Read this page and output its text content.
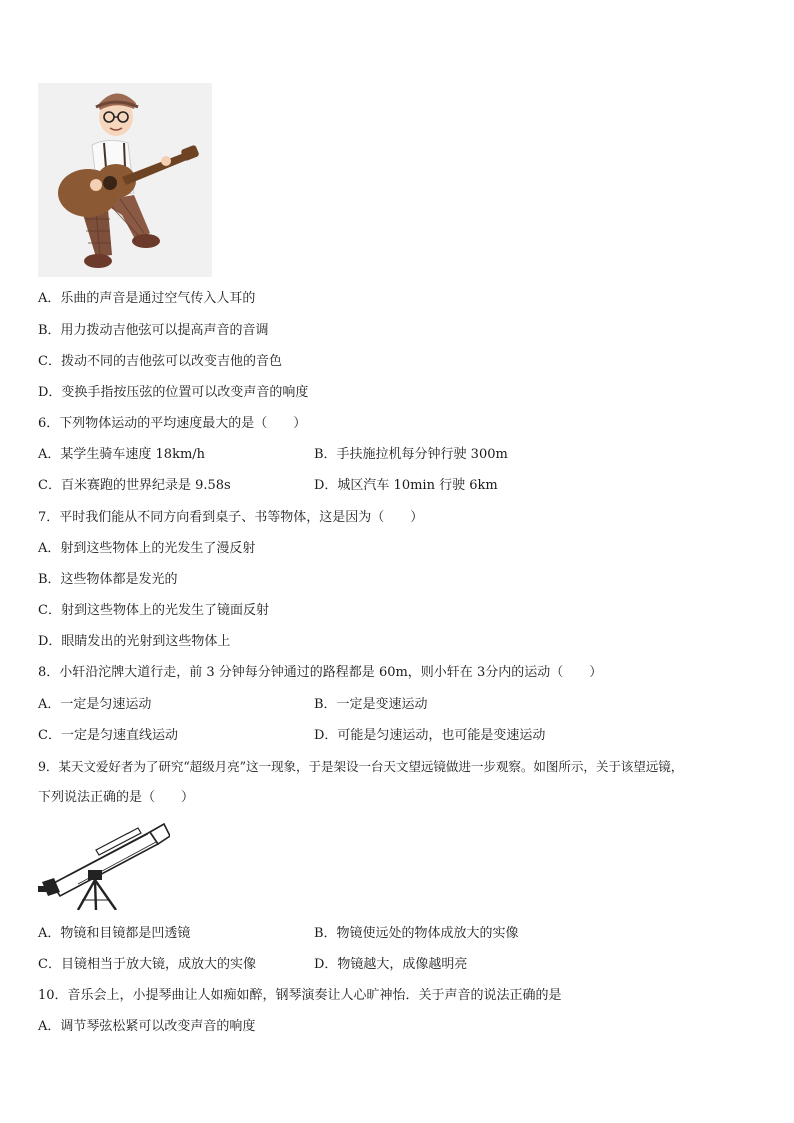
A．乐曲的声音是通过空气传入人耳的
B．用力拨动吉他弦可以提高声音的音调
C．拨动不同的吉他弦可以改变吉他的音色
D．变换手指按压弦的位置可以改变声音的响度
6．下列物体运动的平均速度最大的是（　　）
A．某学生骑车速度 18km/h	B．手扶施拉机每分钟行驶 300m
C．百米赛跑的世界纪录是 9.58s	D．城区汽车 10min 行驶 6km
7．平时我们能从不同方向看到桌子、书等物体，这是因为（　　）
A．射到这些物体上的光发生了漫反射
B．这些物体都是发光的
C．射到这些物体上的光发生了镜面反射
D．眼睛发出的光射到这些物体上
8．小轩沿沱牌大道行走，前 3 分钟每分钟通过的路程都是 60m，则小轩在 3分内的运动（　　）
A．一定是匀速运动	B．一定是变速运动
C．一定是匀速直线运动	D．可能是匀速运动，也可能是变速运动
9．某天文爱好者为了研究“超级月亮”这一现象，于是架设一台天文望远镜做进一步观察。如图所示，关于该望远镜，
下列说法正确的是（　　）
A．物镜和目镜都是凹透镜	B．物镜使远处的物体成放大的实像
C．目镜相当于放大镜，成放大的实像	D．物镜越大，成像越明亮
10．音乐会上，小提琴曲让人如痴如醉，钢琴演奏让人心旷神怡．关于声音的说法正确的是
A．调节琴弦松紧可以改变声音的响度
